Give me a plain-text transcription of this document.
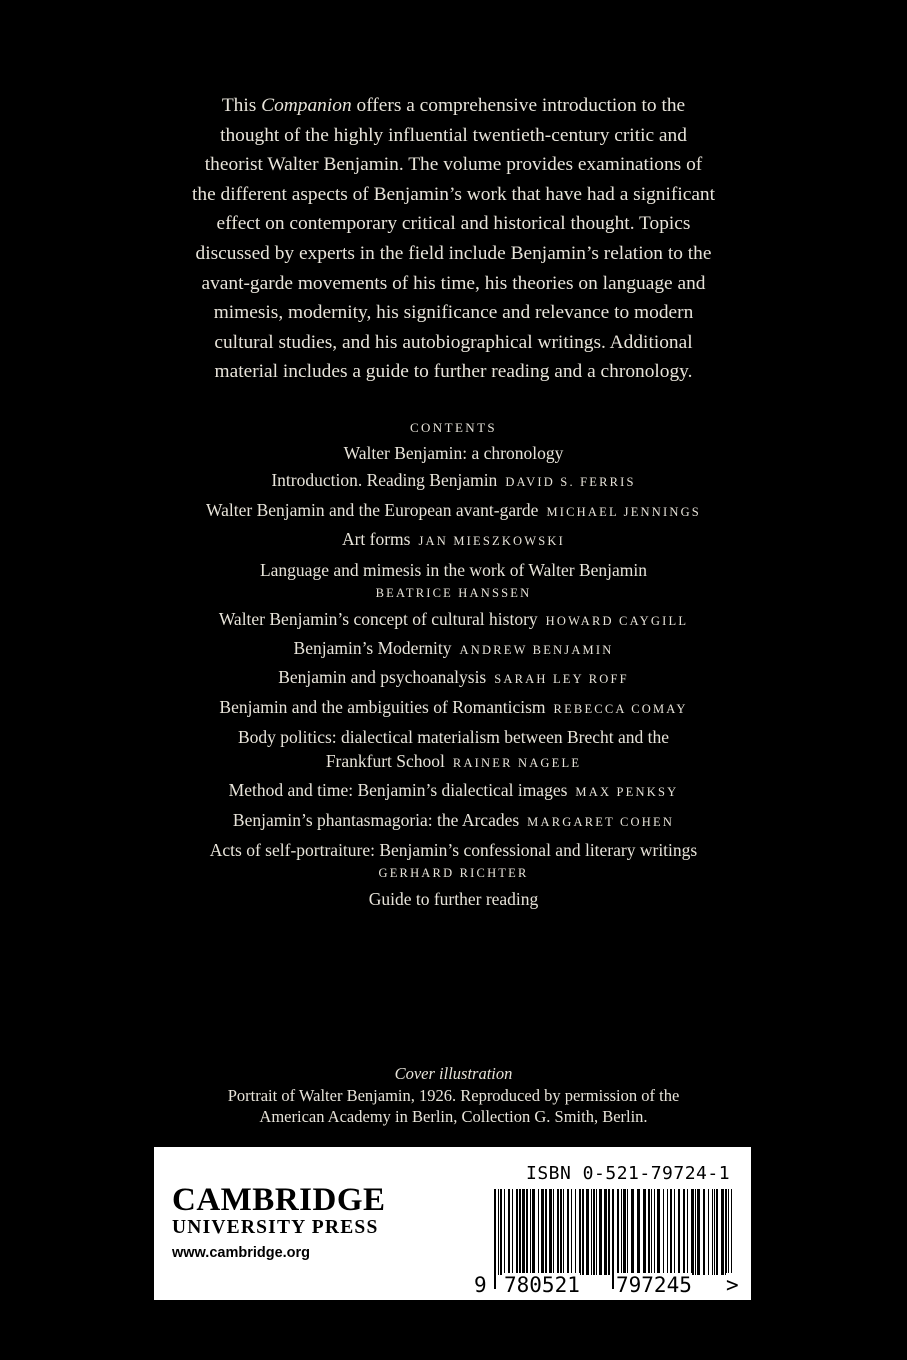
This Companion offers a comprehensive introduction to the
thought of the highly influential twentieth-century critic and
theorist Walter Benjamin. The volume provides examinations of
the different aspects of Benjamin’s work that have had a significant
effect on contemporary critical and historical thought. Topics
discussed by experts in the field include Benjamin’s relation to the
avant-garde movements of his time, his theories on language and
mimesis, modernity, his significance and relevance to modern
cultural studies, and his autobiographical writings. Additional
material includes a guide to further reading and a chronology.
CONTENTS
Walter Benjamin: a chronology
Introduction. Reading Benjamin DAVID S. FERRIS
Walter Benjamin and the European avant-garde MICHAEL JENNINGS
Art forms JAN MIESZKOWSKI
Language and mimesis in the work of Walter Benjamin
BEATRICE HANSSEN
Walter Benjamin’s concept of cultural history HOWARD CAYGILL
Benjamin’s Modernity ANDREW BENJAMIN
Benjamin and psychoanalysis SARAH LEY ROFF
Benjamin and the ambiguities of Romanticism REBECCA COMAY
Body politics: dialectical materialism between Brecht and the
Frankfurt School RAINER NAGELE
Method and time: Benjamin’s dialectical images MAX PENKSY
Benjamin’s phantasmagoria: the Arcades MARGARET COHEN
Acts of self-portraiture: Benjamin’s confessional and literary writings
GERHARD RICHTER
Guide to further reading
Cover illustration
Portrait of Walter Benjamin, 1926. Reproduced by permission of the
American Academy in Berlin, Collection G. Smith, Berlin.
CAMBRIDGE
UNIVERSITY PRESS
www.cambridge.org
ISBN 0-521-79724-1
9 780521 797245 >
